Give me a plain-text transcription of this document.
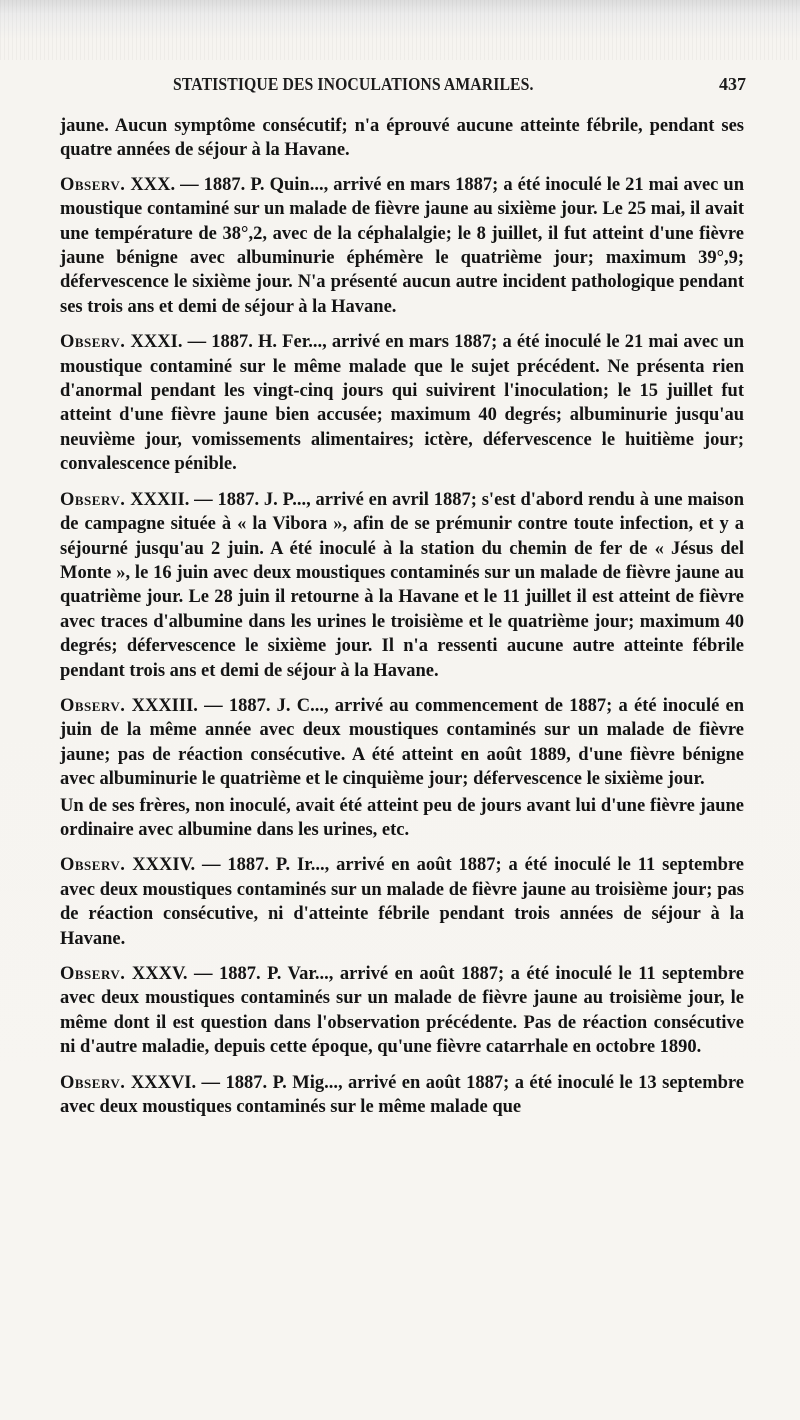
STATISTIQUE DES INOCULATIONS AMARILES.	437

jaune. Aucun symptôme consécutif; n'a éprouvé aucune atteinte fébrile, pendant ses quatre années de séjour à la Havane.

Observ. XXX. — 1887. P. Quin..., arrivé en mars 1887; a été inoculé le 21 mai avec un moustique contaminé sur un malade de fièvre jaune au sixième jour. Le 25 mai, il avait une température de 38°,2, avec de la céphalalgie; le 8 juillet, il fut atteint d'une fièvre jaune bénigne avec albuminurie éphémère le quatrième jour; maximum 39°,9; défervescence le sixième jour. N'a présenté aucun autre incident pathologique pendant ses trois ans et demi de séjour à la Havane.

Observ. XXXI. — 1887. H. Fer..., arrivé en mars 1887; a été inoculé le 21 mai avec un moustique contaminé sur le même malade que le sujet précédent. Ne présenta rien d'anormal pendant les vingt-cinq jours qui suivirent l'inoculation; le 15 juillet fut atteint d'une fièvre jaune bien accusée; maximum 40 degrés; albuminurie jusqu'au neuvième jour, vomissements alimentaires; ictère, défervescence le huitième jour; convalescence pénible.

Observ. XXXII. — 1887. J. P..., arrivé en avril 1887; s'est d'abord rendu à une maison de campagne située à « la Vibora », afin de se prémunir contre toute infection, et y a séjourné jusqu'au 2 juin. A été inoculé à la station du chemin de fer de « Jésus del Monte », le 16 juin avec deux moustiques contaminés sur un malade de fièvre jaune au quatrième jour. Le 28 juin il retourne à la Havane et le 11 juillet il est atteint de fièvre avec traces d'albumine dans les urines le troisième et le quatrième jour; maximum 40 degrés; défervescence le sixième jour. Il n'a ressenti aucune autre atteinte fébrile pendant trois ans et demi de séjour à la Havane.

Observ. XXXIII. — 1887. J. C..., arrivé au commencement de 1887; a été inoculé en juin de la même année avec deux moustiques contaminés sur un malade de fièvre jaune; pas de réaction consécutive. A été atteint en août 1889, d'une fièvre bénigne avec albuminurie le quatrième et le cinquième jour; défervescence le sixième jour.

Un de ses frères, non inoculé, avait été atteint peu de jours avant lui d'une fièvre jaune ordinaire avec albumine dans les urines, etc.

Observ. XXXIV. — 1887. P. Ir..., arrivé en août 1887; a été inoculé le 11 septembre avec deux moustiques contaminés sur un malade de fièvre jaune au troisième jour; pas de réaction consécutive, ni d'atteinte fébrile pendant trois années de séjour à la Havane.

Observ. XXXV. — 1887. P. Var..., arrivé en août 1887; a été inoculé le 11 septembre avec deux moustiques contaminés sur un malade de fièvre jaune au troisième jour, le même dont il est question dans l'observation précédente. Pas de réaction consécutive ni d'autre maladie, depuis cette époque, qu'une fièvre catarrhale en octobre 1890.

Observ. XXXVI. — 1887. P. Mig..., arrivé en août 1887; a été inoculé le 13 septembre avec deux moustiques contaminés sur le même malade que
